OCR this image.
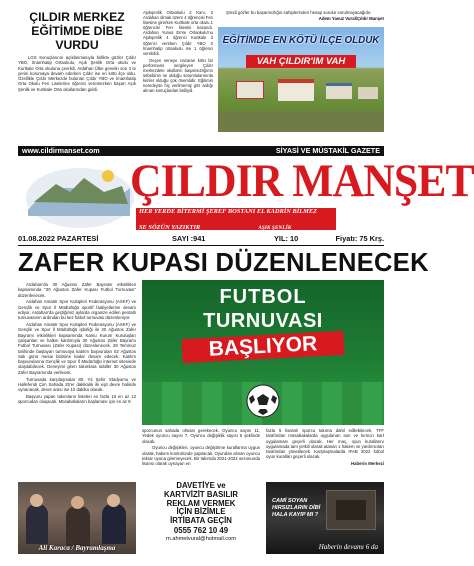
ÇILDIR MERKEZ EĞİTİMDE DİBE VURDU
LGS Sonuçlarının açıklanmasıyla birlikte gözler Çıldır YBO, İmamhatip Ortaokulu, Aşık Şenlik Orta okulu ve Kurtkale Orta okuluna çevrildi. Ardahan Ülke genelin son 3 te yerini korumaya devam ederken Çıldır ise en kötü ilçe oldu. Özellikle Çıldır Merkezde bulunan Çıldır YBO ve İmamhatip Orta Okulu Fen Liselerine öğrenci veremezken başarı Aşık Şenlik ve Kurtkale Orta okullarından geldi.
Aşıkşenlik Ortaokulu 2 Kanı, 2 Ardahan olmak üzere 4 öğrencisi Fen lisesine girerken Kurtkale orta okulu 1 öğrencisi Fen lisesini kazandı. Ardahan Yunus Emre Ortaokulu'nu Aşıkşenlik 4 öğrenci Kurtkale 3 öğrenci verirken Çıldır YBO 0 İmamhatip ortaokulu ise 1 öğrenci verebildi.
Geçen seneye nazaran kötü bir performans sergileyen Çıldır merkezdeki okulların başarısızlığının sebebinin ne olduğu sorumlularınınla kimler olduğu çok önemlidir. Eğitimin neredeyse hiç verilmemiş göz ardığı alınan sonuçlardan belliydi.
Şimdi gözler bu başarısızlığın sahiplerinden hesap sorulur sorulmayacağıdır.
Adem Yavuz Vural/Çıldır Manşet
EĞİTİMDE EN KÖTÜ İLÇE OLDUK
VAH ÇILDIR'IM VAH
www.cildirmanset.com	SİYASİ VE MÜSTAKİL GAZETE
ÇILDIR MANŞET
HER YERDE BİTERMİ ŞEREF BOSTANI EL KADRİN BİLMEZ
SE SÖZÜN YAZIKTIR	AŞIK ŞENLİK
01.08.2022 PAZARTESİ	SAYI :941	YIL: 10	Fiyatı: 75 Krş.
ZAFER KUPASI DÜZENLENECEK

Ardahan'da 30 Ağustos Zafer Bayramı etkinlikleri kapsamında "30 Ağustos Zafer Kupası Futbol Turnuvası" düzenlenecek.

Ardahan Amatör Spor Kulüpleri Federasyonu (ASKF) ve Gençlik ve Spor İl Müdürlüğü sportif faaliyetlerine devam ediyor. Ardahan'da geçtiğimiz aylarda organize edilen pentatlı turnuvasının ardından bu kez futbol turnuvası düzenleniyor.

Ardahan Amatör Spor Kulüpleri Federasyonu (ASKF) ve Gençlik ve Spor İl Müdürlüğü işbirliği ile 30 Ağustos Zafer Bayramı etkinlikleri kapsamında Kamu Kurum Kuruluşları çalışanları ve halkın katılımıyla 30 Ağustos Zafer Bayramı Futbol Turnuvası (Zafer Kupası) düzenlenecek. 28 Temmuz tarihinde başlayan turnuvaya katılım başvuruları 02 Ağustos Salı günü mesai bitimine kadar devam edecek. Katılım başvurularına Gençlik ve Spor İl Müdürlüğü internet sitesinde ulaşılabilecek. Deneyimi giren takımlara ödüller 30 Ağustos Zafer Bayramında verilecek.

Turnuvada karşılaşmalar 80. Yıl Şehir Stadyumu ve Hallefendi Çim Sahada 25'er dakikalık iki eşit devre halinde oynanacak, devre arası ise 10 dakika olacak.

Başvuru yapan takımların listeleri en fazla 18 en az 12 sporcudan oluşacak. Müsabakaların başlaması için en az 9

FUTBOL
TURNUVASI
BAŞLIYOR

sporcunun sahada olması gerekecek. Oyuncu sayısı 11, Yedek oyuncu sayısı 7. Oyuncu değişiklik sayısı 5 şeklinde olacak.

Oyuncu değişikleri, oyuncu değiştirme kurallarına uygun olarak, hakem kontrolünde yapılacak. Oyundan alınan oyuncu tekrar oyuna giremeyecek. Bir takımda 2021-2022 sezonunda lisansı olarak oynayan en

fazla 5 lisanslı sporcu takıma dahil edilebilecek. TFF tarafından müsabakalarda uygulanan sarı ve kırmızı kart uygulaması geçerli olacak. Her maç, oyun kurallarını uygulamada tam yetkili olarak atanan 1 hakem ve yardımcıları tarafından yönetilecek. Karşılaşmalarda IFAB 2022 futbol oyun kuralları geçerli olacak.

Haberin Merkezi
Ali Karaca / Bayramlaşma
DAVETİYE ve
KARTVİZİT BASILIR
REKLAM VERMEK
İÇİN BİZİMLE
İRTİBATA GEÇİN
0555 762 10 49
m.ahmetvural@hotmail.com
CAMİ SOYAN
HIRSIZLARIN DİBİ
HALA KAYIP MI ?
Haberin devamı 6 da
